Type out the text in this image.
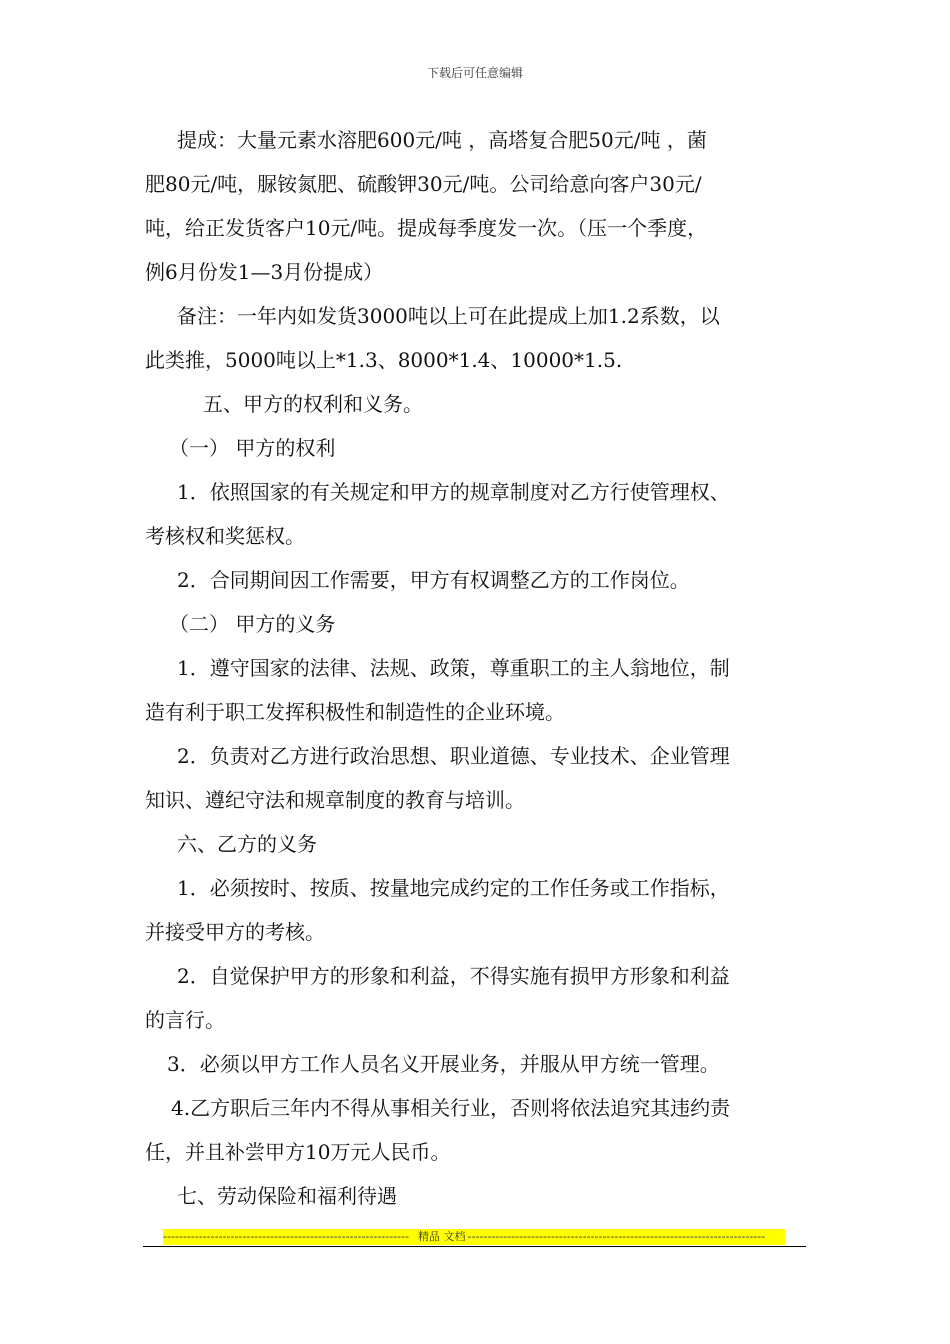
下载后可任意编辑

提成：大量元素水溶肥600元/吨 ，高塔复合肥50元/吨 ，菌

肥80元/吨，脲铵氮肥、硫酸钾30元/吨。公司给意向客户30元/

吨，给正发货客户10元/吨。提成每季度发一次。（压一个季度，

例6月份发1—3月份提成）

备注：一年内如发货3000吨以上可在此提成上加1.2系数，以

此类推，5000吨以上*1.3、8000*1.4、10000*1.5.

五、甲方的权利和义务。

（一） 甲方的权利

1．依照国家的有关规定和甲方的规章制度对乙方行使管理权、

考核权和奖惩权。

2．合同期间因工作需要，甲方有权调整乙方的工作岗位。

（二） 甲方的义务

1．遵守国家的法律、法规、政策，尊重职工的主人翁地位，制

造有利于职工发挥积极性和制造性的企业环境。

2．负责对乙方进行政治思想、职业道德、专业技术、企业管理

知识、遵纪守法和规章制度的教育与培训。

六、乙方的义务

1．必须按时、按质、按量地完成约定的工作任务或工作指标，

并接受甲方的考核。

2．自觉保护甲方的形象和利益，不得实施有损甲方形象和利益

的言行。

3．必须以甲方工作人员名义开展业务，并服从甲方统一管理。

4.乙方职后三年内不得从事相关行业，否则将依法追究其违约责

任，并且补尝甲方10万元人民币。

七、劳动保险和福利待遇

-------------------------------------------------------------- 精品 文档 ---------------------------------------------------------------------------
